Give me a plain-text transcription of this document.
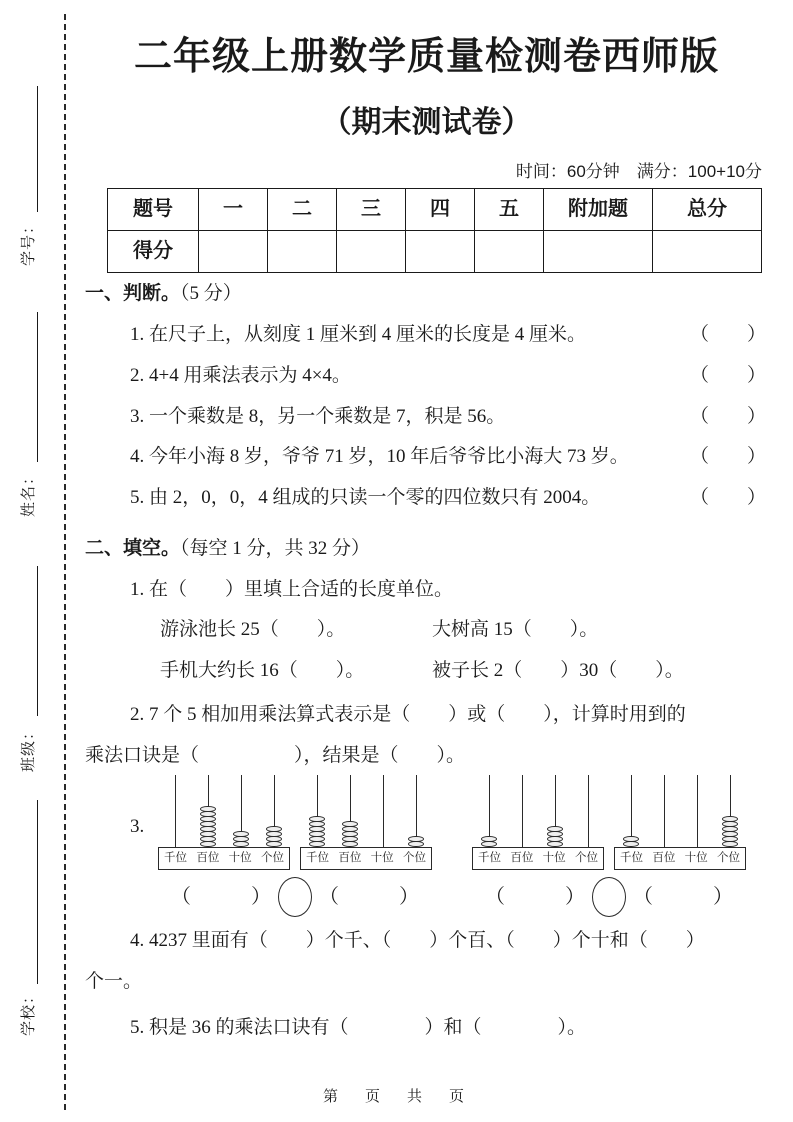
学号：
姓名：
班级：
学校：
二年级上册数学质量检测卷西师版
（期末测试卷）
时间：60分钟　满分：100+10分
题号	一	二	三	四	五	附加题	总分
得分							
一、判断。（5 分）
1. 在尺子上，从刻度 1 厘米到 4 厘米的长度是 4 厘米。	（　　）
2. 4+4 用乘法表示为 4×4。	（　　）
3. 一个乘数是 8，另一个乘数是 7，积是 56。	（　　）
4. 今年小海 8 岁，爷爷 71 岁，10 年后爷爷比小海大 73 岁。	（　　）
5. 由 2，0，0，4 组成的只读一个零的四位数只有 2004。	（　　）
二、填空。（每空 1 分，共 32 分）
1. 在（　　）里填上合适的长度单位。
游泳池长 25（　　）。	大树高 15（　　）。
手机大约长 16（　　）。	被子长 2（　　）30（　　）。
2. 7 个 5 相加用乘法算式表示是（　　）或（　　），计算时用到的
乘法口诀是（　　　　　），结果是（　　）。
3.
千位 百位 十位 个位 千位 百位 十位 个位
（　　　） （　　　）
千位 百位 十位 个位 千位 百位 十位 个位
（　　　） （　　　）
4. 4237 里面有（　　）个千、（　　）个百、（　　）个十和（　　）
个一。
5. 积是 36 的乘法口诀有（　　　　）和（　　　　）。
第　页　共　页
